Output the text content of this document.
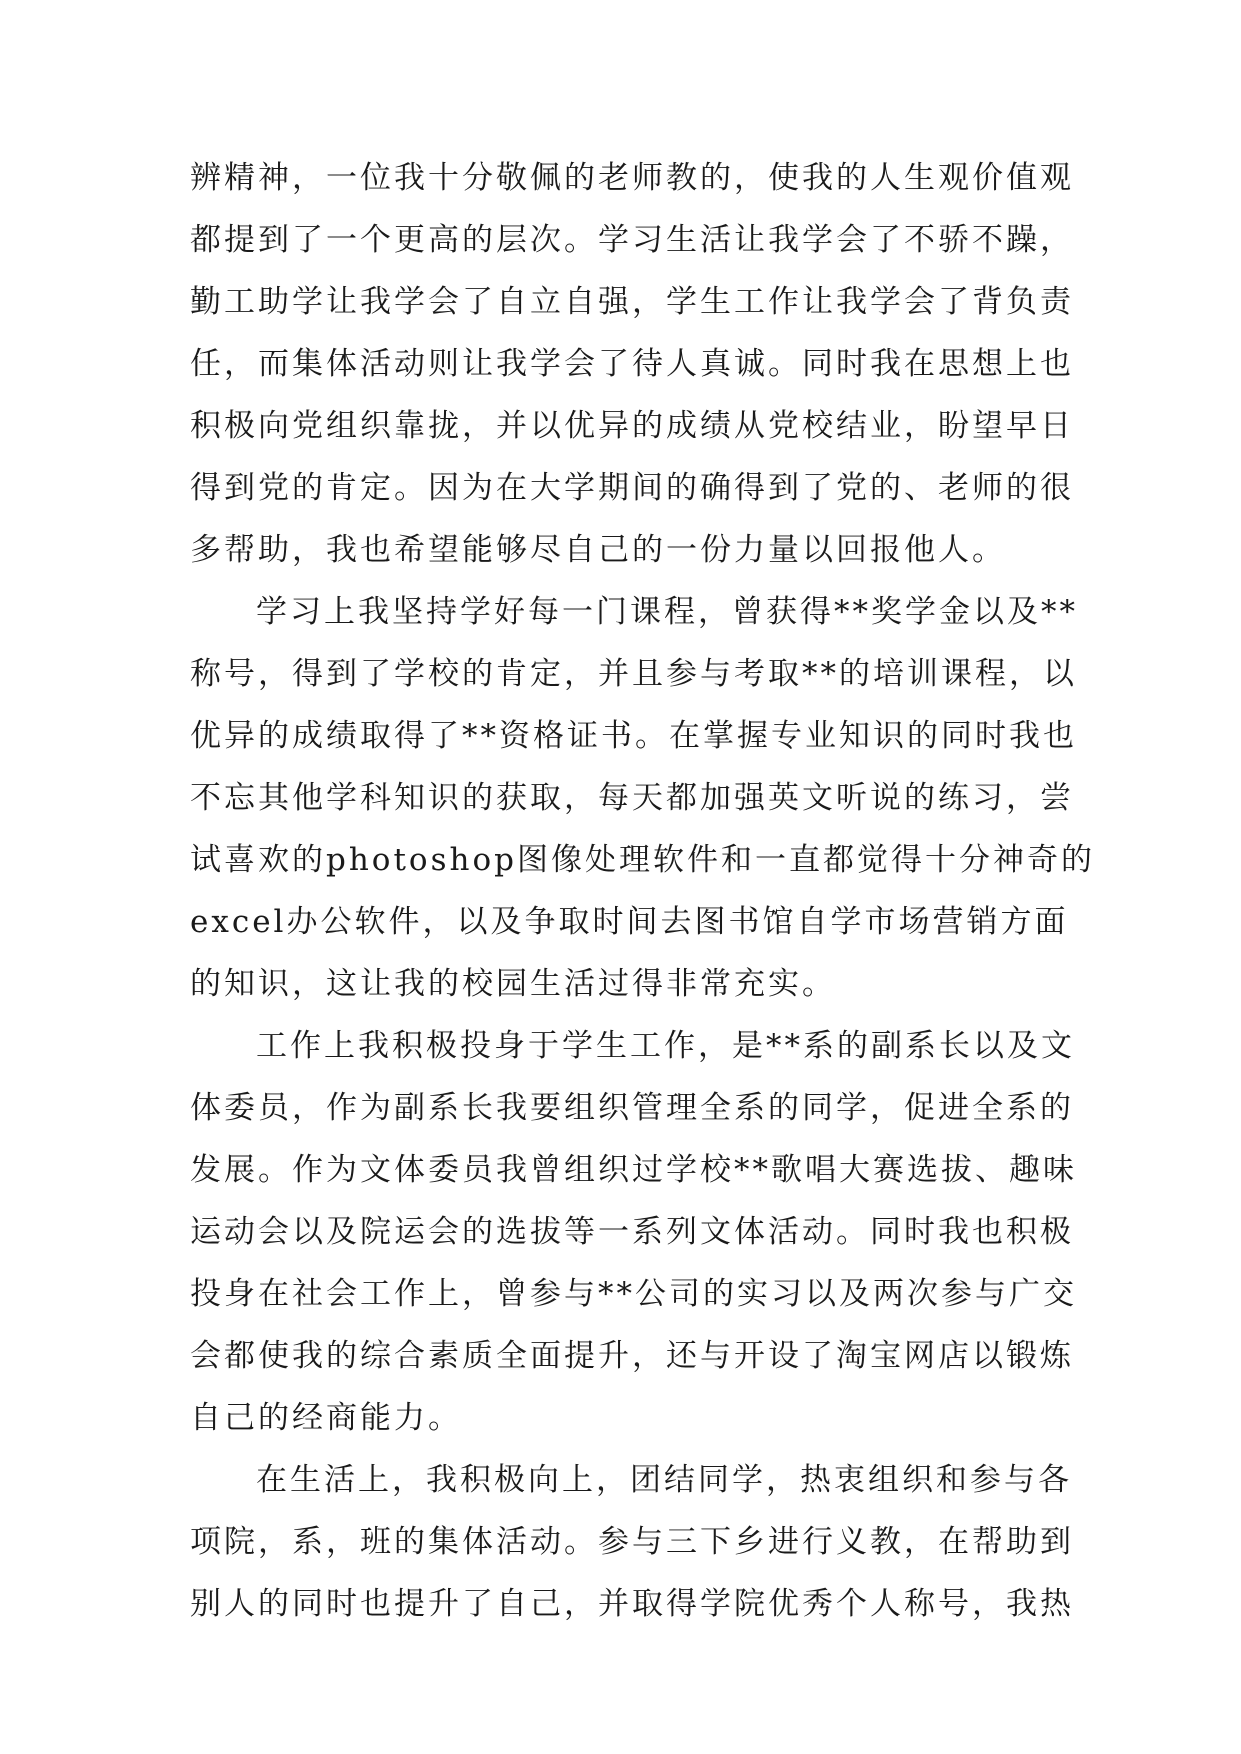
辨精神，一位我十分敬佩的老师教的，使我的人生观价值观
都提到了一个更高的层次。学习生活让我学会了不骄不躁，
勤工助学让我学会了自立自强，学生工作让我学会了背负责
任，而集体活动则让我学会了待人真诚。同时我在思想上也
积极向党组织靠拢，并以优异的成绩从党校结业，盼望早日
得到党的肯定。因为在大学期间的确得到了党的、老师的很
多帮助，我也希望能够尽自己的一份力量以回报他人。
学习上我坚持学好每一门课程，曾获得**奖学金以及**
称号，得到了学校的肯定，并且参与考取**的培训课程，以
优异的成绩取得了**资格证书。在掌握专业知识的同时我也
不忘其他学科知识的获取，每天都加强英文听说的练习，尝
试喜欢的photoshop图像处理软件和一直都觉得十分神奇的
excel办公软件，以及争取时间去图书馆自学市场营销方面
的知识，这让我的校园生活过得非常充实。
工作上我积极投身于学生工作，是**系的副系长以及文
体委员，作为副系长我要组织管理全系的同学，促进全系的
发展。作为文体委员我曾组织过学校**歌唱大赛选拔、趣味
运动会以及院运会的选拔等一系列文体活动。同时我也积极
投身在社会工作上，曾参与**公司的实习以及两次参与广交
会都使我的综合素质全面提升，还与开设了淘宝网店以锻炼
自己的经商能力。
在生活上，我积极向上，团结同学，热衷组织和参与各
项院，系，班的集体活动。参与三下乡进行义教，在帮助到
别人的同时也提升了自己，并取得学院优秀个人称号，我热
